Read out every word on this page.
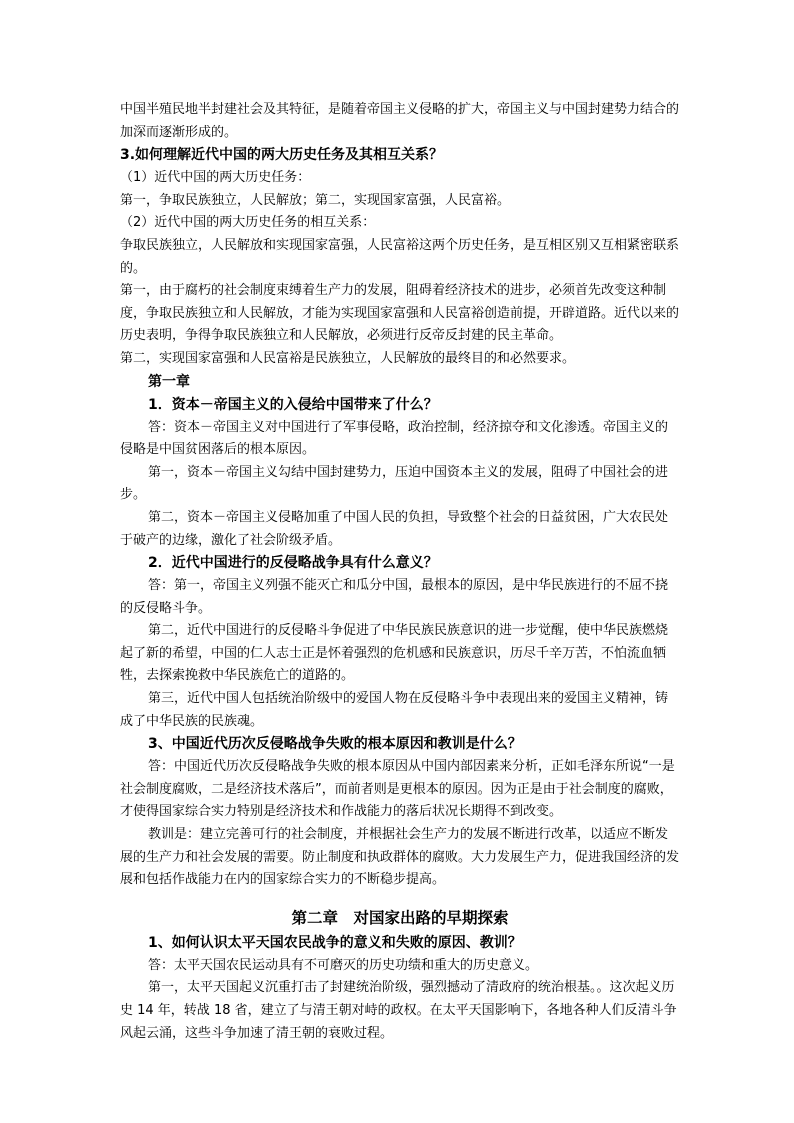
中国半殖民地半封建社会及其特征，是随着帝国主义侵略的扩大，帝国主义与中国封建势力结合的加深而逐渐形成的。

3.如何理解近代中国的两大历史任务及其相互关系？

（1）近代中国的两大历史任务：

第一，争取民族独立，人民解放；第二，实现国家富强，人民富裕。

（2）近代中国的两大历史任务的相互关系：

争取民族独立，人民解放和实现国家富强，人民富裕这两个历史任务，是互相区别又互相紧密联系的。

第一，由于腐朽的社会制度束缚着生产力的发展，阻碍着经济技术的进步，必须首先改变这种制度，争取民族独立和人民解放，才能为实现国家富强和人民富裕创造前提，开辟道路。近代以来的历史表明，争得争取民族独立和人民解放，必须进行反帝反封建的民主革命。

第二，实现国家富强和人民富裕是民族独立，人民解放的最终目的和必然要求。

第一章

1．资本－帝国主义的入侵给中国带来了什么？

答：资本－帝国主义对中国进行了军事侵略，政治控制，经济掠夺和文化渗透。帝国主义的侵略是中国贫困落后的根本原因。

第一，资本－帝国主义勾结中国封建势力，压迫中国资本主义的发展，阻碍了中国社会的进步。

第二，资本－帝国主义侵略加重了中国人民的负担，导致整个社会的日益贫困，广大农民处于破产的边缘，激化了社会阶级矛盾。

2．近代中国进行的反侵略战争具有什么意义？

答：第一，帝国主义列强不能灭亡和瓜分中国，最根本的原因，是中华民族进行的不屈不挠的反侵略斗争。

第二，近代中国进行的反侵略斗争促进了中华民族民族意识的进一步觉醒，使中华民族燃烧起了新的希望，中国的仁人志士正是怀着强烈的危机感和民族意识，历尽千辛万苦，不怕流血牺牲，去探索挽救中华民族危亡的道路的。

第三，近代中国人包括统治阶级中的爱国人物在反侵略斗争中表现出来的爱国主义精神，铸成了中华民族的民族魂。

3、中国近代历次反侵略战争失败的根本原因和教训是什么？

答：中国近代历次反侵略战争失败的根本原因从中国内部因素来分析，正如毛泽东所说“一是社会制度腐败，二是经济技术落后”，而前者则是更根本的原因。因为正是由于社会制度的腐败，才使得国家综合实力特别是经济技术和作战能力的落后状况长期得不到改变。

教训是：建立完善可行的社会制度，并根据社会生产力的发展不断进行改革，以适应不断发展的生产力和社会发展的需要。防止制度和执政群体的腐败。大力发展生产力，促进我国经济的发展和包括作战能力在内的国家综合实力的不断稳步提高。

第二章　对国家出路的早期探索

1、如何认识太平天国农民战争的意义和失败的原因、教训？

答：太平天国农民运动具有不可磨灭的历史功绩和重大的历史意义。

第一，太平天国起义沉重打击了封建统治阶级，强烈撼动了清政府的统治根基。。这次起义历史 14 年，转战 18 省，建立了与清王朝对峙的政权。在太平天国影响下，各地各种人们反清斗争风起云涌，这些斗争加速了清王朝的衰败过程。
